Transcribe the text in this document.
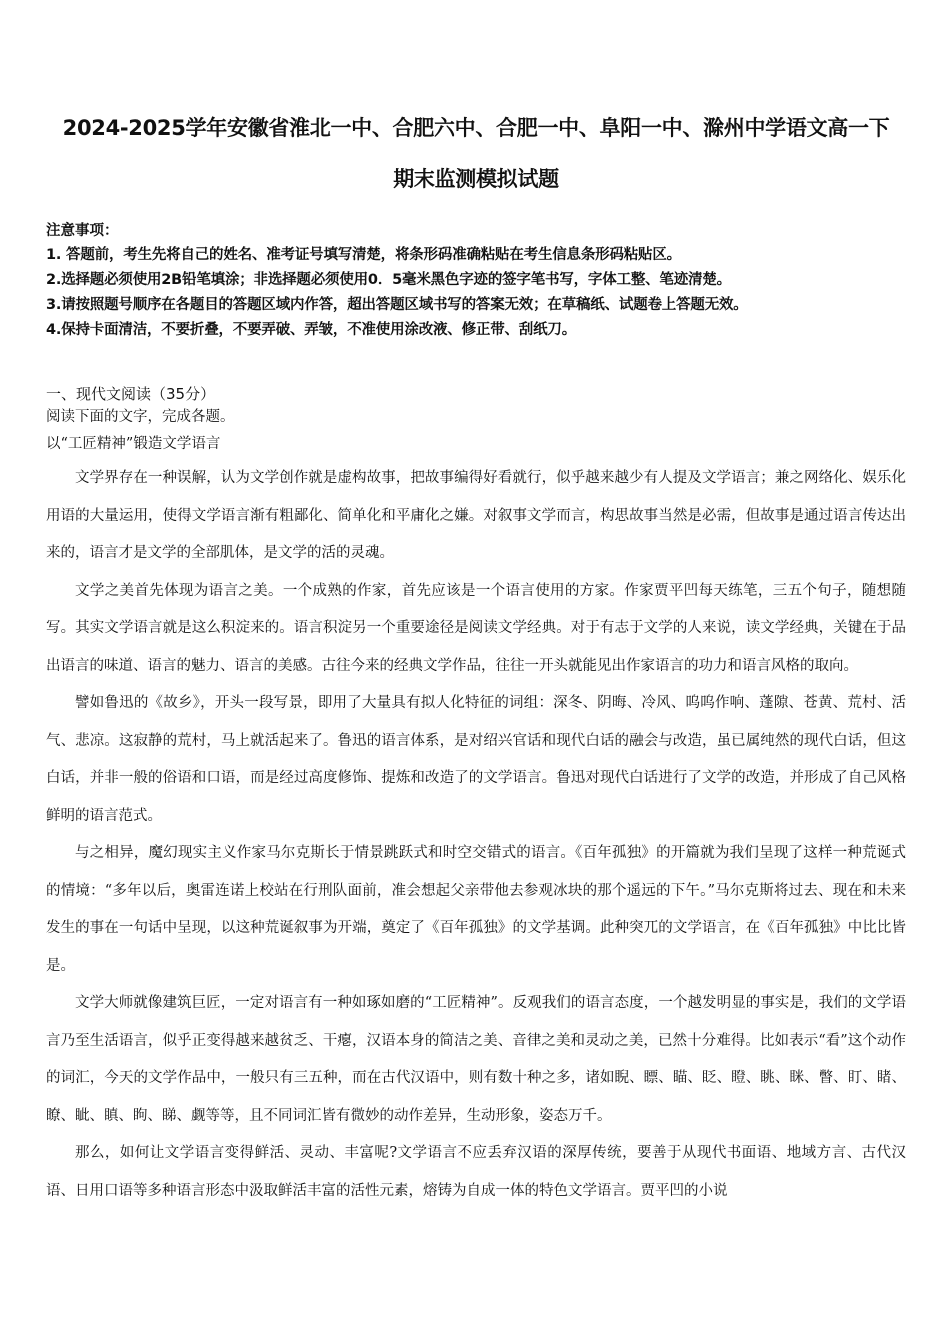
2024-2025学年安徽省淮北一中、合肥六中、合肥一中、阜阳一中、滁州中学语文高一下
期末监测模拟试题
注意事项：
1. 答题前，考生先将自己的姓名、准考证号填写清楚，将条形码准确粘贴在考生信息条形码粘贴区。
2.选择题必须使用2B铅笔填涂；非选择题必须使用0．5毫米黑色字迹的签字笔书写，字体工整、笔迹清楚。
3.请按照题号顺序在各题目的答题区域内作答，超出答题区域书写的答案无效；在草稿纸、试题卷上答题无效。
4.保持卡面清洁，不要折叠，不要弄破、弄皱，不准使用涂改液、修正带、刮纸刀。
一、现代文阅读（35分）

阅读下面的文字，完成各题。

以“工匠精神”锻造文学语言

文学界存在一种误解，认为文学创作就是虚构故事，把故事编得好看就行，似乎越来越少有人提及文学语言；兼之网络化、娱乐化用语的大量运用，使得文学语言渐有粗鄙化、简单化和平庸化之嫌。对叙事文学而言，构思故事当然是必需，但故事是通过语言传达出来的，语言才是文学的全部肌体，是文学的活的灵魂。

文学之美首先体现为语言之美。一个成熟的作家，首先应该是一个语言使用的方家。作家贾平凹每天练笔，三五个句子，随想随写。其实文学语言就是这么积淀来的。语言积淀另一个重要途径是阅读文学经典。对于有志于文学的人来说，读文学经典，关键在于品出语言的味道、语言的魅力、语言的美感。古往今来的经典文学作品，往往一开头就能见出作家语言的功力和语言风格的取向。

譬如鲁迅的《故乡》，开头一段写景，即用了大量具有拟人化特征的词组：深冬、阴晦、冷风、呜呜作响、蓬隙、苍黄、荒村、活气、悲凉。这寂静的荒村，马上就活起来了。鲁迅的语言体系，是对绍兴官话和现代白话的融会与改造，虽已属纯然的现代白话，但这白话，并非一般的俗语和口语，而是经过高度修饰、提炼和改造了的文学语言。鲁迅对现代白话进行了文学的改造，并形成了自己风格鲜明的语言范式。

与之相异，魔幻现实主义作家马尔克斯长于情景跳跃式和时空交错式的语言。《百年孤独》的开篇就为我们呈现了这样一种荒诞式的情境：“多年以后，奥雷连诺上校站在行刑队面前，准会想起父亲带他去参观冰块的那个遥远的下午。”马尔克斯将过去、现在和未来发生的事在一句话中呈现，以这种荒诞叙事为开端，奠定了《百年孤独》的文学基调。此种突兀的文学语言，在《百年孤独》中比比皆是。

文学大师就像建筑巨匠，一定对语言有一种如琢如磨的“工匠精神”。反观我们的语言态度，一个越发明显的事实是，我们的文学语言乃至生活语言，似乎正变得越来越贫乏、干瘪，汉语本身的简洁之美、音律之美和灵动之美，已然十分难得。比如表示“看”这个动作的词汇，今天的文学作品中，一般只有三五种，而在古代汉语中，则有数十种之多，诸如睨、瞟、瞄、眨、瞪、眺、眯、瞥、盯、睹、瞭、眦、瞋、眗、睇、觑等等，且不同词汇皆有微妙的动作差异，生动形象，姿态万千。

那么，如何让文学语言变得鲜活、灵动、丰富呢?文学语言不应丢弃汉语的深厚传统，要善于从现代书面语、地域方言、古代汉语、日用口语等多种语言形态中汲取鲜活丰富的活性元素，熔铸为自成一体的特色文学语言。贾平凹的小说
